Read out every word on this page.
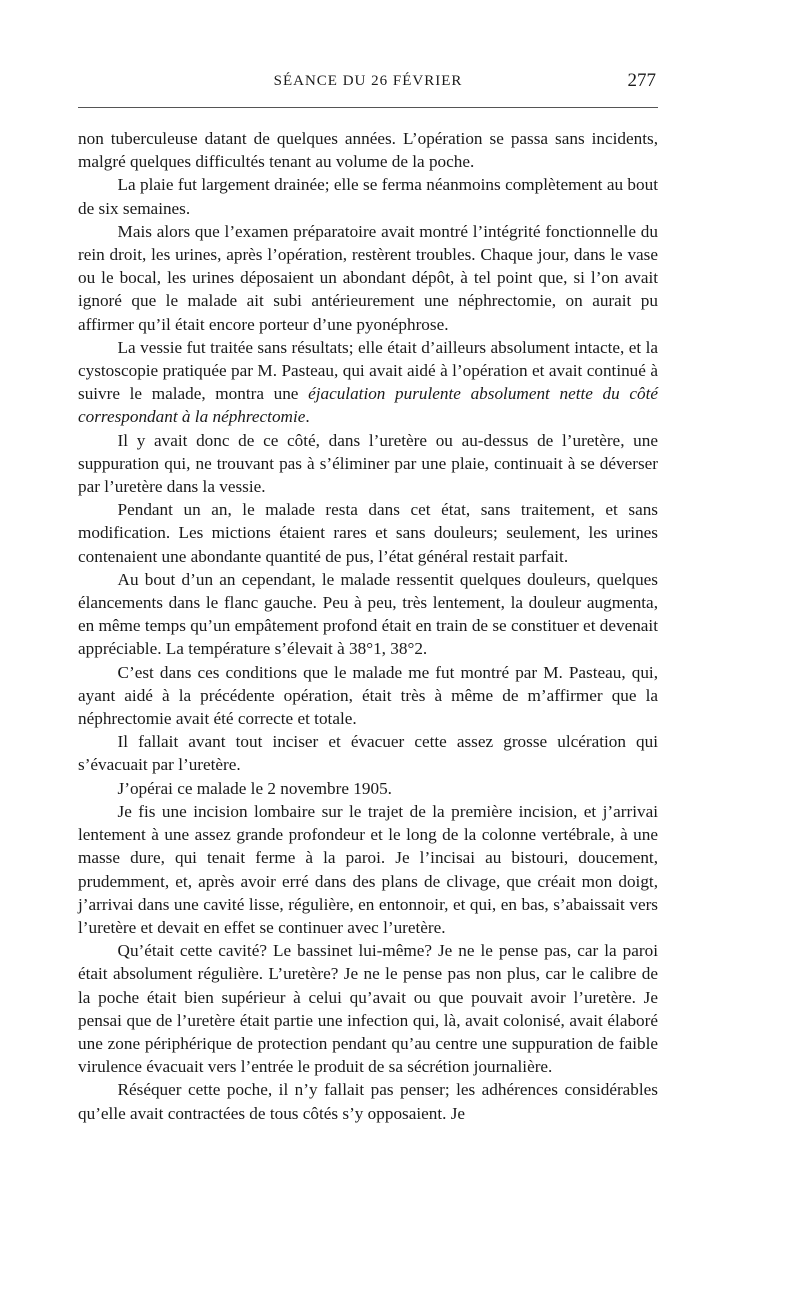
SÉANCE DU 26 FÉVRIER	277

non tuberculeuse datant de quelques années. L’opération se passa sans incidents, malgré quelques difficultés tenant au volume de la poche.

La plaie fut largement drainée; elle se ferma néanmoins complètement au bout de six semaines.

Mais alors que l’examen préparatoire avait montré l’intégrité fonctionnelle du rein droit, les urines, après l’opération, restèrent troubles. Chaque jour, dans le vase ou le bocal, les urines déposaient un abondant dépôt, à tel point que, si l’on avait ignoré que le malade ait subi antérieurement une néphrectomie, on aurait pu affirmer qu’il était encore porteur d’une pyonéphrose.

La vessie fut traitée sans résultats; elle était d’ailleurs absolument intacte, et la cystoscopie pratiquée par M. Pasteau, qui avait aidé à l’opération et avait continué à suivre le malade, montra une éjaculation purulente absolument nette du côté correspondant à la néphrectomie.

Il y avait donc de ce côté, dans l’uretère ou au-dessus de l’uretère, une suppuration qui, ne trouvant pas à s’éliminer par une plaie, continuait à se déverser par l’uretère dans la vessie.

Pendant un an, le malade resta dans cet état, sans traitement, et sans modification. Les mictions étaient rares et sans douleurs; seulement, les urines contenaient une abondante quantité de pus, l’état général restait parfait.

Au bout d’un an cependant, le malade ressentit quelques douleurs, quelques élancements dans le flanc gauche. Peu à peu, très lentement, la douleur augmenta, en même temps qu’un empâtement profond était en train de se constituer et devenait appréciable. La température s’élevait à 38°1, 38°2.

C’est dans ces conditions que le malade me fut montré par M. Pasteau, qui, ayant aidé à la précédente opération, était très à même de m’affirmer que la néphrectomie avait été correcte et totale.

Il fallait avant tout inciser et évacuer cette assez grosse ulcération qui s’évacuait par l’uretère.

J’opérai ce malade le 2 novembre 1905.

Je fis une incision lombaire sur le trajet de la première incision, et j’arrivai lentement à une assez grande profondeur et le long de la colonne vertébrale, à une masse dure, qui tenait ferme à la paroi. Je l’incisai au bistouri, doucement, prudemment, et, après avoir erré dans des plans de clivage, que créait mon doigt, j’arrivai dans une cavité lisse, régulière, en entonnoir, et qui, en bas, s’abaissait vers l’uretère et devait en effet se continuer avec l’uretère.

Qu’était cette cavité? Le bassinet lui-même? Je ne le pense pas, car la paroi était absolument régulière. L’uretère? Je ne le pense pas non plus, car le calibre de la poche était bien supérieur à celui qu’avait ou que pouvait avoir l’uretère. Je pensai que de l’uretère était partie une infection qui, là, avait colonisé, avait élaboré une zone périphérique de protection pendant qu’au centre une suppuration de faible virulence évacuait vers l’entrée le produit de sa sécrétion journalière.

Réséquer cette poche, il n’y fallait pas penser; les adhérences considérables qu’elle avait contractées de tous côtés s’y opposaient. Je
